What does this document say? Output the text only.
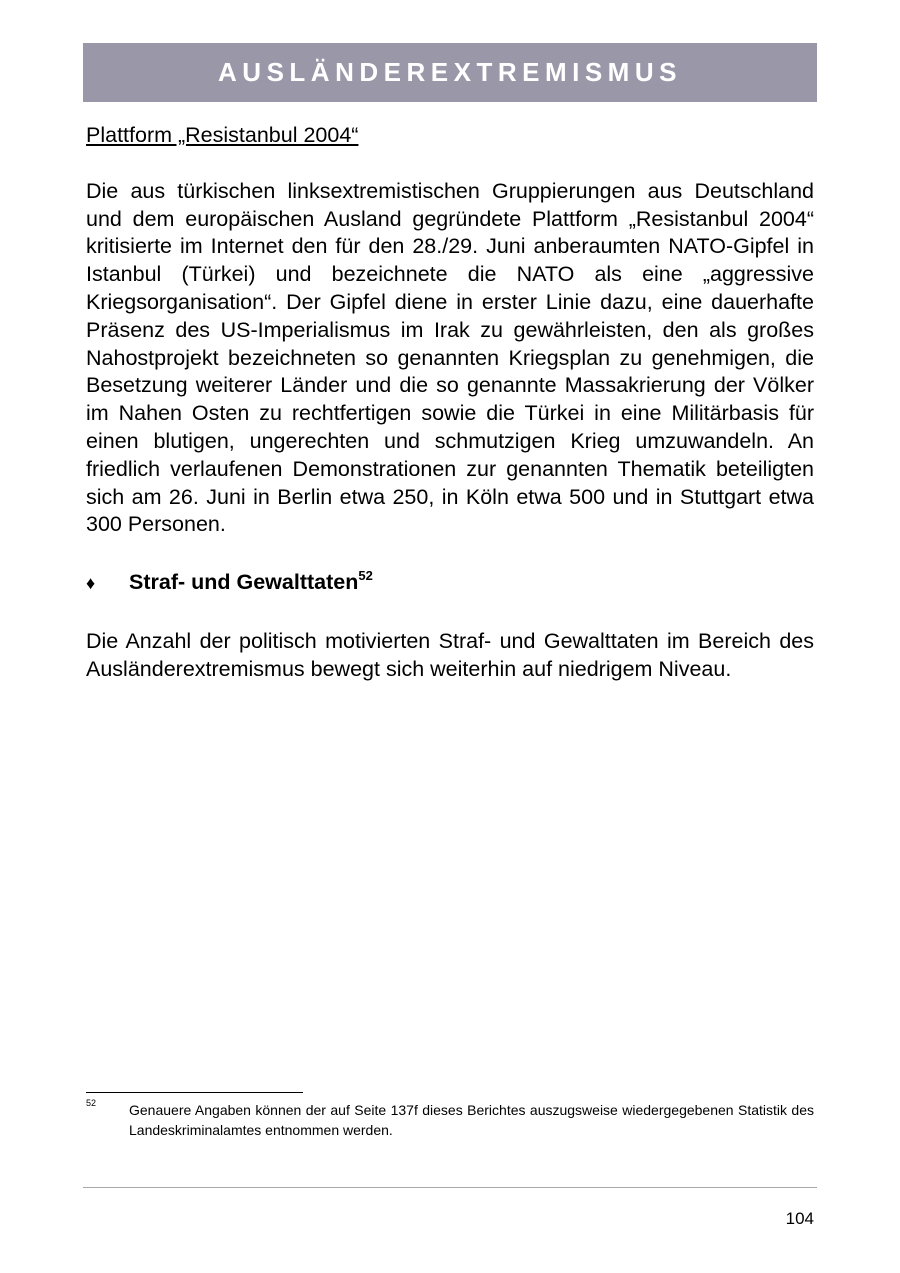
AUSLÄNDEREXTREMISMUS

Plattform „Resistanbul 2004“

Die aus türkischen linksextremistischen Gruppierungen aus Deutschland und dem europäischen Ausland gegründete Plattform „Resistanbul 2004“ kritisierte im Internet den für den 28./29. Juni anberaumten NATO-Gipfel in Istanbul (Türkei) und bezeichnete die NATO als eine „aggressive Kriegsorganisation“. Der Gipfel diene in erster Linie dazu, eine dauerhafte Präsenz des US-Imperialismus im Irak zu gewährleisten, den als großes Nahostprojekt bezeichneten so genannten Kriegsplan zu genehmigen, die Besetzung weiterer Länder und die so genannte Massakrierung der Völker im Nahen Osten zu rechtfertigen sowie die Türkei in eine Militärbasis für einen blutigen, ungerechten und schmutzigen Krieg umzuwandeln. An friedlich verlaufenen Demonstrationen zur genannten Thematik beteiligten sich am 26. Juni in Berlin etwa 250, in Köln etwa 500 und in Stuttgart etwa 300 Personen.

♦	Straf- und Gewalttaten$^{52}$

Die Anzahl der politisch motivierten Straf- und Gewalttaten im Bereich des Ausländerextremismus bewegt sich weiterhin auf niedrigem Niveau.

52	Genauere Angaben können der auf Seite 137f dieses Berichtes auszugsweise wiedergegebenen Statistik des Landeskriminalamtes entnommen werden.
104
